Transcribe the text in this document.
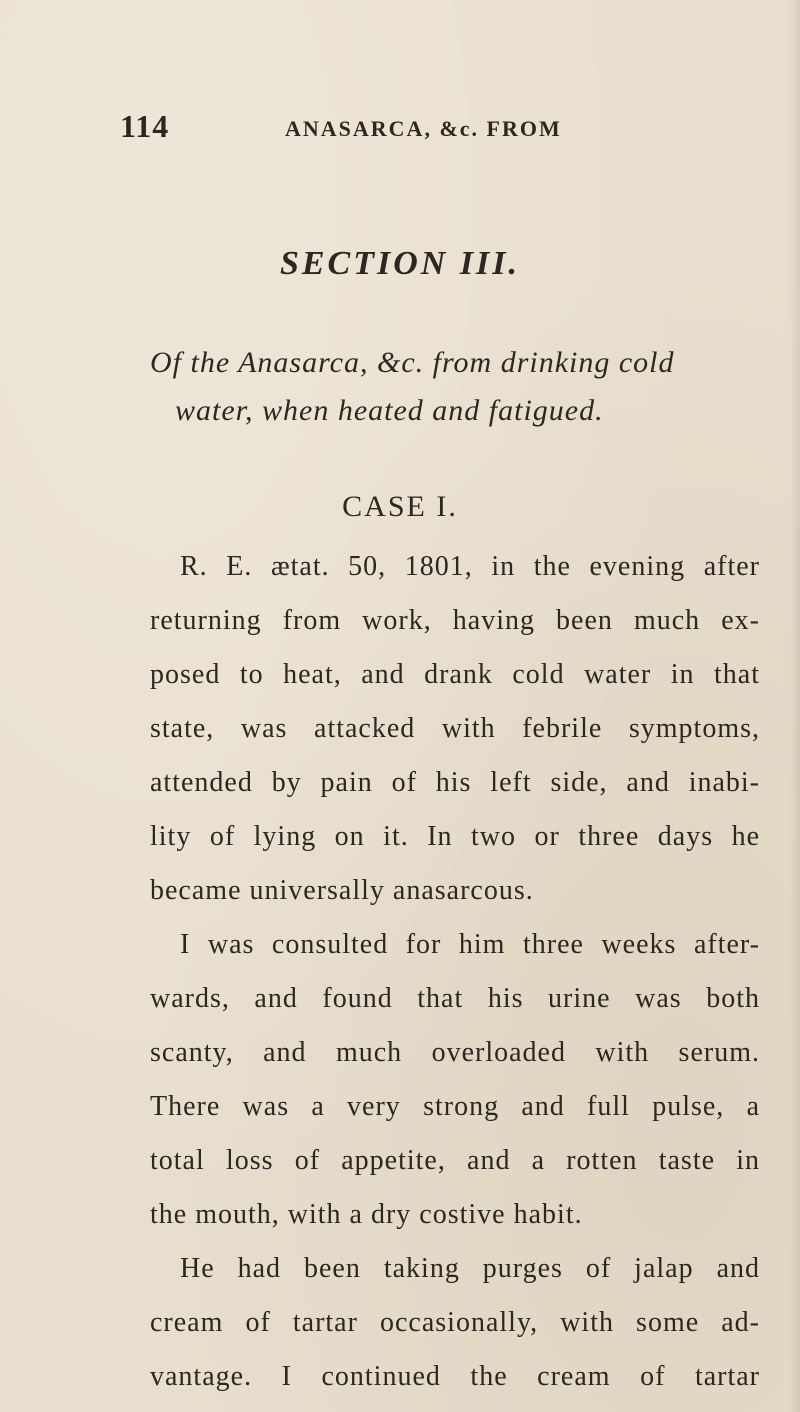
114	ANASARCA, &c. FROM
SECTION III.
Of the Anasarca, &c. from drinking cold
water, when heated and fatigued.
CASE I.
R. E. ætat. 50, 1801, in the evening after
returning from work, having been much ex-
posed to heat, and drank cold water in that
state, was attacked with febrile symptoms,
attended by pain of his left side, and inabi-
lity of lying on it. In two or three days he
became universally anasarcous.
I was consulted for him three weeks after-
wards, and found that his urine was both
scanty, and much overloaded with serum.
There was a very strong and full pulse, a
total loss of appetite, and a rotten taste in
the mouth, with a dry costive habit.
He had been taking purges of jalap and
cream of tartar occasionally, with some ad-
vantage. I continued the cream of tartar
